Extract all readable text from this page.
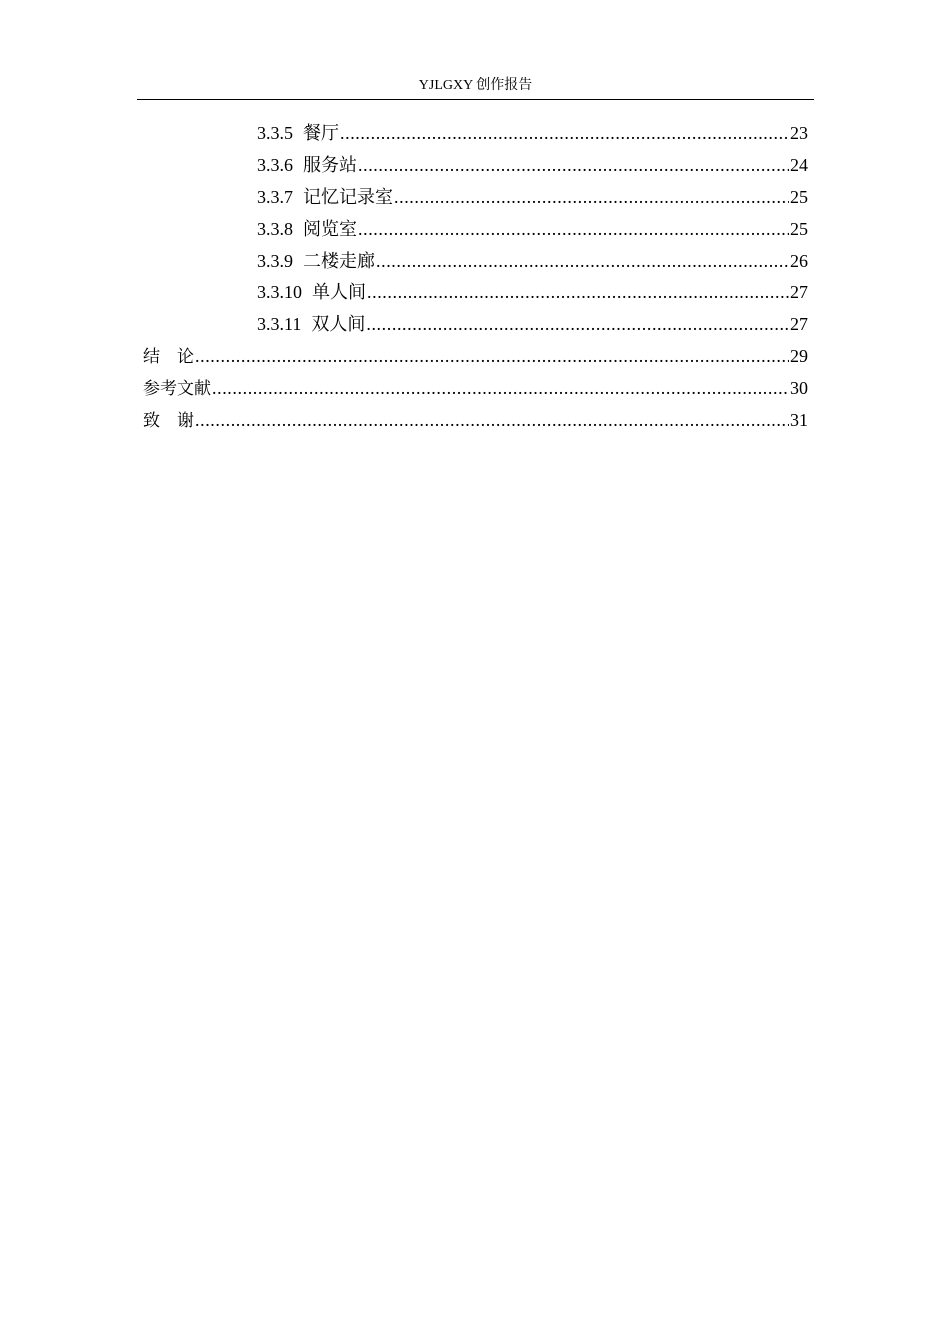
YJLGXY 创作报告
3.3.5 餐厅 .....	23
3.3.6 服务站 .....	24
3.3.7 记忆记录室 .....	25
3.3.8 阅览室 .....	25
3.3.9 二楼走廊 .....	26
3.3.10 单人间 .....	27
3.3.11 双人间 .....	27
结　论 .....	29
参考文献 .....	30
致　谢 .....	31
